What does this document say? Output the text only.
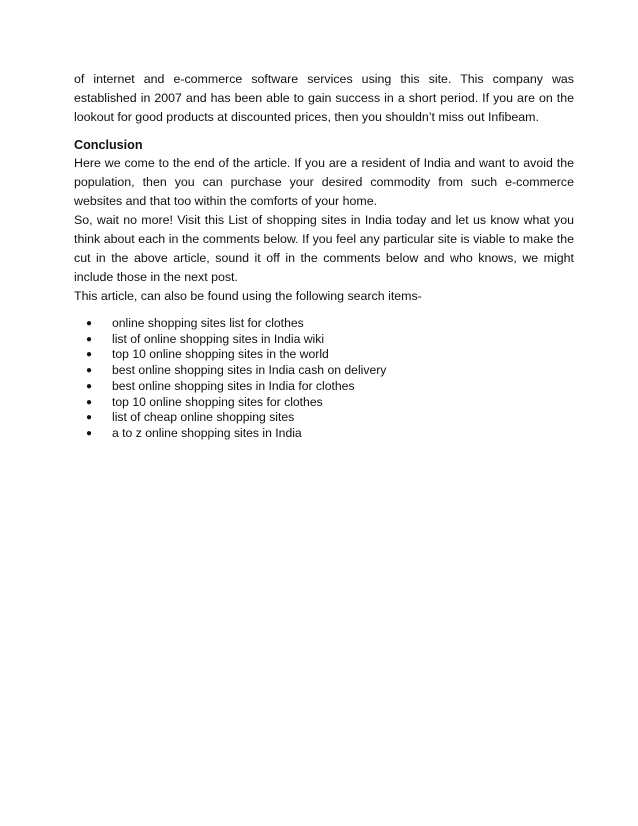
of internet and e-commerce software services using this site. This company was established in 2007 and has been able to gain success in a short period. If you are on the lookout for good products at discounted prices, then you shouldn’t miss out Infibeam.

Conclusion

Here we come to the end of the article. If you are a resident of India and want to avoid the population, then you can purchase your desired commodity from such e-commerce websites and that too within the comforts of your home.

So, wait no more! Visit this List of shopping sites in India today and let us know what you think about each in the comments below. If you feel any particular site is viable to make the cut in the above article, sound it off in the comments below and who knows, we might include those in the next post.

This article, can also be found using the following search items-

● online shopping sites list for clothes
● list of online shopping sites in India wiki
● top 10 online shopping sites in the world
● best online shopping sites in India cash on delivery
● best online shopping sites in India for clothes
● top 10 online shopping sites for clothes
● list of cheap online shopping sites
● a to z online shopping sites in India
